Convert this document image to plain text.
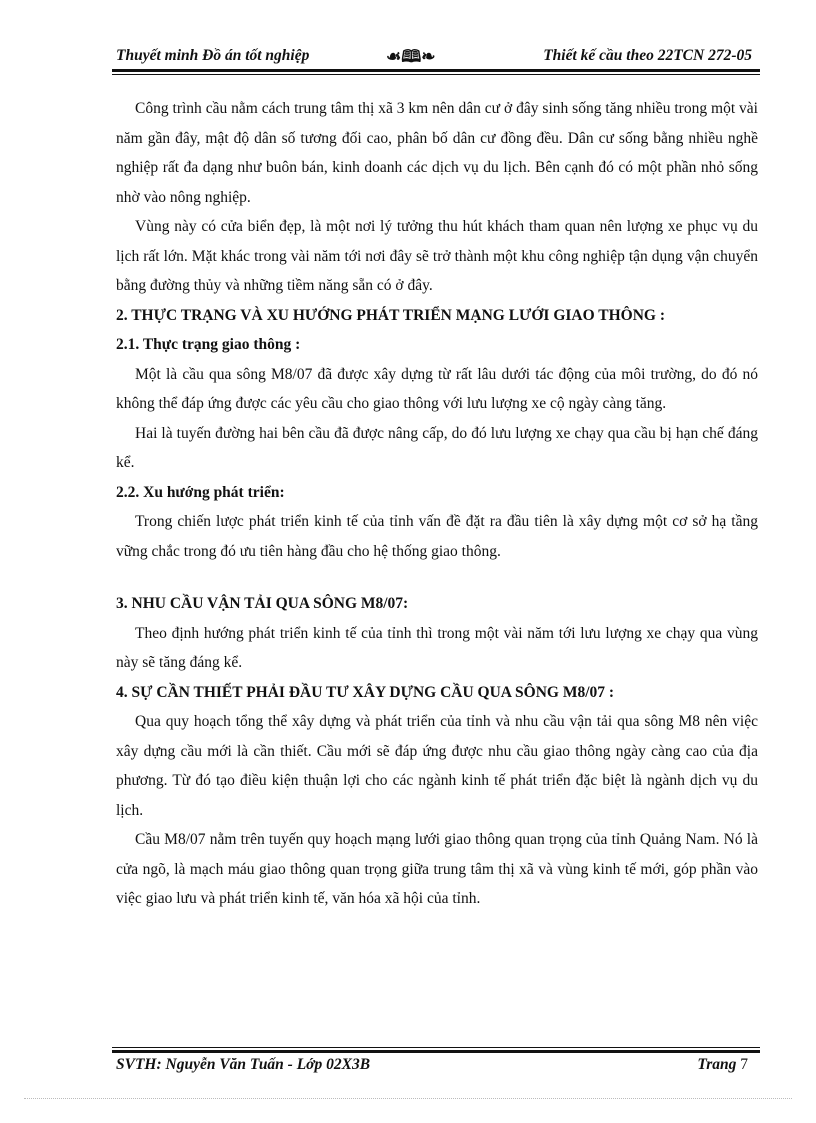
Thuyết minh Đồ án tốt nghiệp	☙🕮❧	Thiết kế cầu theo 22TCN 272-05

Công trình cầu nằm cách trung tâm thị xã 3 km nên dân cư ở đây sinh sống tăng nhiều trong một vài năm gần đây, mật độ dân số tương đối cao, phân bố dân cư đồng đều. Dân cư sống bằng nhiều nghề nghiệp rất đa dạng như buôn bán, kinh doanh các dịch vụ du lịch. Bên cạnh đó có một phần nhỏ sống nhờ vào nông nghiệp.

Vùng này có cửa biển đẹp, là một nơi lý tưởng thu hút khách tham quan nên lượng xe phục vụ du lịch rất lớn. Mặt khác trong vài năm tới nơi đây sẽ trở thành một khu công nghiệp tận dụng vận chuyển bằng đường thủy và những tiềm năng sẵn có ở đây.

2. THỰC TRẠNG VÀ XU HƯỚNG PHÁT TRIỂN MẠNG LƯỚI GIAO THÔNG :
2.1. Thực trạng giao thông :

Một là cầu qua sông M8/07 đã được xây dựng từ rất lâu dưới tác động của môi trường, do đó nó không thể đáp ứng được các yêu cầu cho giao thông với lưu lượng xe cộ ngày càng tăng.

Hai là tuyến đường hai bên cầu đã được nâng cấp, do đó lưu lượng xe chạy qua cầu bị hạn chế đáng kể.

2.2. Xu hướng phát triển:

Trong chiến lược phát triển kinh tế của tỉnh vấn đề đặt ra đầu tiên là xây dựng một cơ sở hạ tầng vững chắc trong đó ưu tiên hàng đầu cho hệ thống giao thông.

3. NHU CẦU VẬN TẢI QUA SÔNG M8/07:

Theo định hướng phát triển kinh tế của tỉnh thì trong một vài năm tới lưu lượng xe chạy qua vùng này sẽ tăng đáng kể.

4. SỰ CẦN THIẾT PHẢI ĐẦU TƯ XÂY DỰNG CẦU QUA SÔNG M8/07 :

Qua quy hoạch tổng thể xây dựng và phát triển của tỉnh và nhu cầu vận tải qua sông M8 nên việc xây dựng cầu mới là cần thiết. Cầu mới sẽ đáp ứng được nhu cầu giao thông ngày càng cao của địa phương. Từ đó tạo điều kiện thuận lợi cho các ngành kinh tế phát triển đặc biệt là ngành dịch vụ du lịch.

Cầu M8/07 nằm trên tuyến quy hoạch mạng lưới giao thông quan trọng của tỉnh Quảng Nam. Nó là cửa ngõ, là mạch máu giao thông quan trọng giữa trung tâm thị xã và vùng kinh tế mới, góp phần vào việc giao lưu và phát triển kinh tế, văn hóa xã hội của tỉnh.

SVTH: Nguyễn Văn Tuấn - Lớp 02X3B	Trang 7
